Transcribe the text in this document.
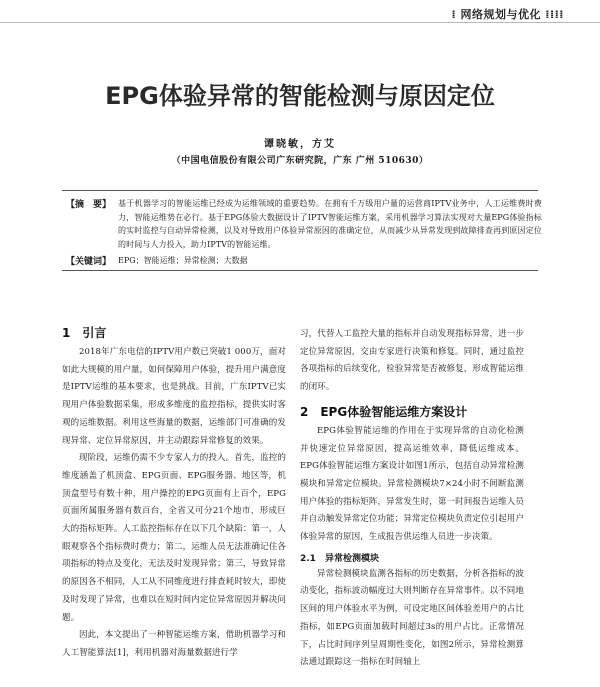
⁞ 网络规划与优化 ⁞⁞⁞⁞
EPG体验异常的智能检测与原因定位
谭晓敏，方艾
（中国电信股份有限公司广东研究院，广东 广州 510630）
【摘　要】 基于机器学习的智能运维已经成为运维领域的重要趋势。在拥有千万级用户量的运营商IPTV业务中，人工运维费时费力，智能运维势在必行。基于EPG体验大数据设计了IPTV智能运维方案，采用机器学习算法实现对大量EPG体验指标的实时监控与自动异常检测，以及对导致用户体验异常原因的准确定位，从而减少从异常发现到故障排查再到原因定位的时间与人力投入，助力IPTV的智能运维。
【关键词】 EPG；智能运维；异常检测；大数据
1　引言

2018年广东电信的IPTV用户数已突破1 000万，面对如此大规模的用户量，如何保障用户体验，提升用户满意度是IPTV运维的基本要求，也是挑战。目前，广东IPTV已实现用户体验数据采集，形成多维度的监控指标，提供实时客观的运维数据。利用这些海量的数据，运维部门可准确的发现异常、定位异常原因，并主动跟踪异常修复的效果。

现阶段，运维仍需不少专家人力的投入。首先，监控的维度涵盖了机顶盒、EPG页面、EPG服务器、地区等，机顶盒型号有数十种，用户操控的EPG页面有上百个，EPG页面所属服务器有数百台，全省又可分21个地市，形成巨大的指标矩阵。人工监控指标存在以下几个缺陷：第一，人眼观察各个指标费时费力；第二，运维人员无法准确记住各项指标的特点及变化，无法及时发现异常；第三，导致异常的原因各不相同，人工从不同维度进行排查耗时较大，即使及时发现了异常，也难以在短时间内定位异常原因并解决问题。

因此，本文提出了一种智能运维方案，借助机器学习和人工智能算法[1]，利用机器对海量数据进行学

习，代替人工监控大量的指标并自动发现指标异常，进一步定位异常原因，交由专家进行决策和修复。同时，通过监控各项指标的后续变化，检验异常是否被修复，形成智能运维的闭环。

2　EPG体验智能运维方案设计

EPG体验智能运维的作用在于实现异常的自动化检测并快速定位异常原因，提高运维效率，降低运维成本。EPG体验智能运维方案设计如图1所示，包括自动异常检测模块和异常定位模块。异常检测模块7×24小时不间断监测用户体验的指标矩阵，异常发生时，第一时间报告运维人员并自动触发异常定位功能；异常定位模块负责定位引起用户体验异常的原因，生成报告供运维人员进一步决策。

2.1　异常检测模块

异常检测模块监测各指标的历史数据，分析各指标的波动变化，指标波动幅度过大则判断存在异常事件。以不同地区间的用户体验水平为例，可设定地区间体验差用户的占比指标，如EPG页面加载时间超过3s的用户占比。正常情况下，占比时间序列呈周期性变化，如图2所示，异常检测算法通过跟踪这一指标在时间轴上
